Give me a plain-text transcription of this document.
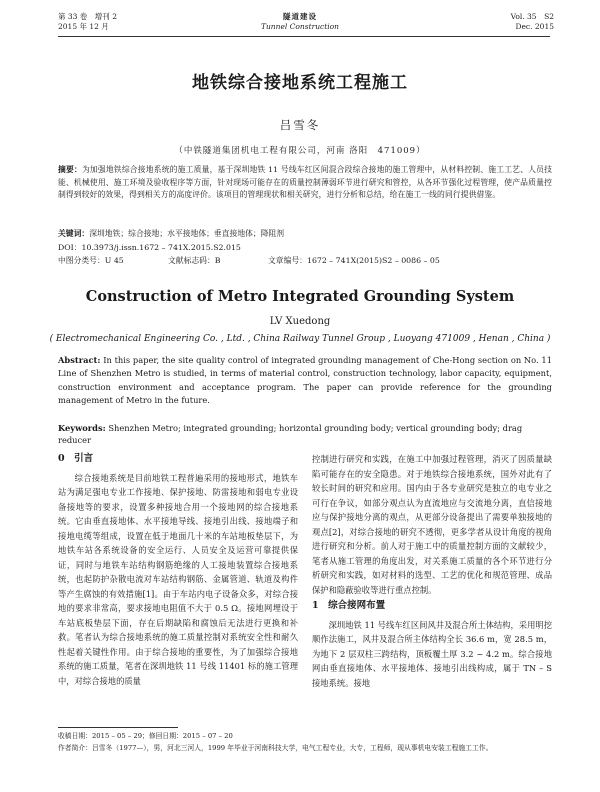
第 33 卷　增刊 2
2015 年 12 月
隧道建设
Tunnel Construction
Vol. 35　S2
Dec. 2015
地铁综合接地系统工程施工
吕雪冬
（中铁隧道集团机电工程有限公司，河南 洛阳　471009）
摘要：为加强地铁综合接地系统的施工质量，基于深圳地铁 11 号线车红区间混合段综合接地的施工管理中，从材料控制、施工工艺、人员技能、机械使用、施工环境及验收程序等方面，针对现场可能存在的质量控制薄弱环节进行研究和管控，从各环节强化过程管理，使产品质量控制得到较好的效果，得到相关方的高度评价。该项目的管理现状和相关研究，进行分析和总结，给在施工一线的同行提供借鉴。
关键词：深圳地铁；综合接地；水平接地体；垂直接地体；降阻剂
DOI：10.3973/j.issn.1672 – 741X.2015.S2.015
中图分类号：U 45	文献标志码：B	文章编号：1672 – 741X(2015)S2 – 0086 – 05
Construction of Metro Integrated Grounding System
LV Xuedong
( Electromechanical Engineering Co. , Ltd. , China Railway Tunnel Group , Luoyang 471009 , Henan , China )
Abstract: In this paper, the site quality control of integrated grounding management of Che-Hong section on No. 11 Line of Shenzhen Metro is studied, in terms of material control, construction technology, labor capacity, equipment, construction environment and acceptance program. The paper can provide reference for the grounding management of Metro in the future.
Keywords: Shenzhen Metro; integrated grounding; horizontal grounding body; vertical grounding body; drag reducer
0　引言

综合接地系统是目前地铁工程普遍采用的接地形式，地铁车站为满足强电专业工作接地、保护接地、防雷接地和弱电专业设备接地等的要求，设置多种接地合用一个接地网的综合接地系统。它由垂直接地体、水平接地导线、接地引出线、接地端子和接地电缆等组成，设置在低于地面几十米的车站地板垫层下，为地铁车站各系统设备的安全运行、人员安全及运营可靠提供保证，同时与地铁车站结构钢筋绝缘的人工接地装置综合接地系统，也起防护杂散电流对车站结构钢筋、金属管道、轨道及构件等产生腐蚀的有效措施[1]。由于车站内电子设备众多，对综合接地的要求非常高，要求接地电阻值不大于 0.5 Ω。接地网埋设于车站底板垫层下面，存在后期缺陷和腐蚀后无法进行更换和补救。笔者认为综合接地系统的施工质量控制对系统安全性和耐久性起着关键性作用。由于综合接地的重要性，为了加强综合接地系统的施工质量，笔者在深圳地铁 11 号线 11401 标的施工管理中，对综合接地的质量

控制进行研究和实践，在施工中加强过程管理，消灭了因质量缺陷可能存在的安全隐患。对于地铁综合接地系统，国外对此有了较长时间的研究和应用。国内由于各专业研究是独立的电专业之可行在争议，如部分观点认为直流地应与交流地分离，直信接地应与保护接地分离的观点，从更部分设备提出了需要单独接地的观点[2]，对综合接地的研究不透彻，更多学者从设计角度的视角进行研究和分析。前人对于施工中的质量控制方面的文献较少，笔者从施工管理的角度出发，对关系施工质量的各个环节进行分析研究和实践，如对材料的选型、工艺的优化和规范管理、成品保护和隐蔽验收等进行重点控制。

1　综合接网布置

深圳地铁 11 号线车红区间风井及混合所土体结构，采用明挖顺作法施工，风井及混合所主体结构全长 36.6 m，宽 28.5 m，为地下 2 层双柱三跨结构，顶板覆土厚 3.2 ~ 4.2 m。综合接地网由垂直接地体、水平接地体、接地引出线构成，属于 TN – S 接地系统。接地

收稿日期：2015 – 05 – 29；修回日期：2015 – 07 – 20
作者简介：吕雪冬（1977—），男，河北三河人，1999 年毕业于河南科技大学，电气工程专业，大专，工程师，现从事机电安装工程施工工作。
